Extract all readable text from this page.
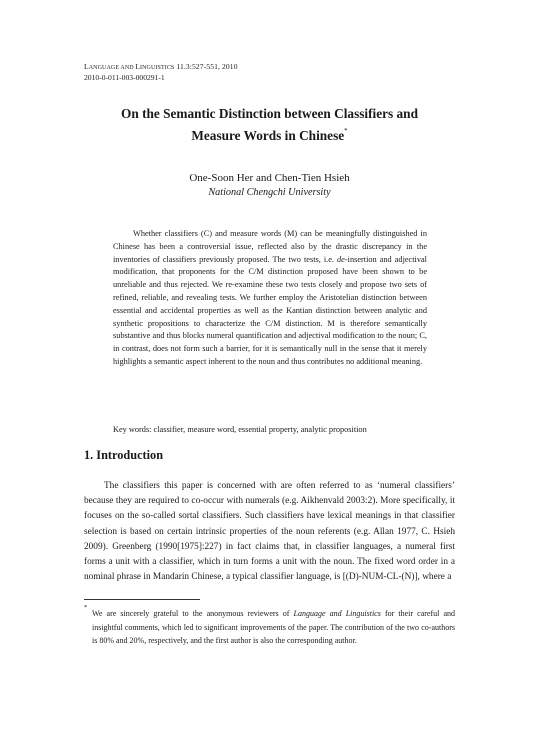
LANGUAGE AND LINGUISTICS 11.3:527-551, 2010
2010-0-011-003-000291-1
On the Semantic Distinction between Classifiers and
Measure Words in Chinese*
One-Soon Her and Chen-Tien Hsieh
National Chengchi University
Whether classifiers (C) and measure words (M) can be meaningfully distinguished in Chinese has been a controversial issue, reflected also by the drastic discrepancy in the inventories of classifiers previously proposed. The two tests, i.e. de-insertion and adjectival modification, that proponents for the C/M distinction proposed have been shown to be unreliable and thus rejected. We re-examine these two tests closely and propose two sets of refined, reliable, and revealing tests. We further employ the Aristotelian distinction between essential and accidental properties as well as the Kantian distinction between analytic and synthetic propositions to characterize the C/M distinction. M is therefore semantically substantive and thus blocks numeral quantification and adjectival modification to the noun; C, in contrast, does not form such a barrier, for it is semantically null in the sense that it merely highlights a semantic aspect inherent to the noun and thus contributes no additional meaning.
Key words: classifier, measure word, essential property, analytic proposition
1. Introduction
The classifiers this paper is concerned with are often referred to as ‘numeral classifiers’ because they are required to co-occur with numerals (e.g. Aikhenvald 2003:2). More specifically, it focuses on the so-called sortal classifiers. Such classifiers have lexical meanings in that classifier selection is based on certain intrinsic properties of the noun referents (e.g. Allan 1977, C. Hsieh 2009). Greenberg (1990[1975]:227) in fact claims that, in classifier languages, a numeral first forms a unit with a classifier, which in turn forms a unit with the noun. The fixed word order in a nominal phrase in Mandarin Chinese, a typical classifier language, is [(D)-NUM-CL-(N)], where a
*
We are sincerely grateful to the anonymous reviewers of Language and Linguistics for their careful and insightful comments, which led to significant improvements of the paper. The contribution of the two co-authors is 80% and 20%, respectively, and the first author is also the corresponding author.
